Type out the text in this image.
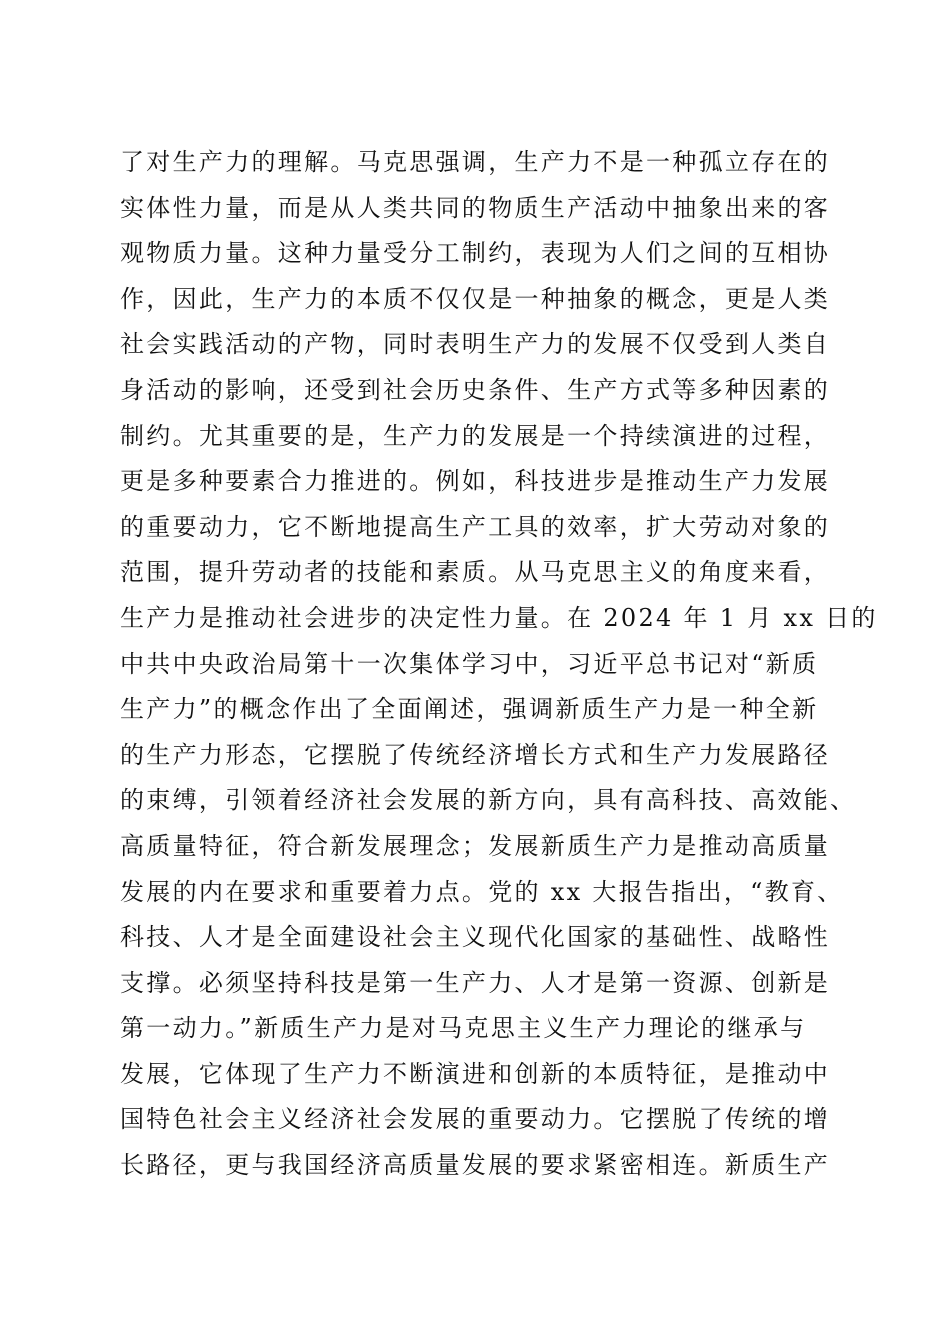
了对生产力的理解。马克思强调，生产力不是一种孤立存在的
实体性力量，而是从人类共同的物质生产活动中抽象出来的客
观物质力量。这种力量受分工制约，表现为人们之间的互相协
作，因此，生产力的本质不仅仅是一种抽象的概念，更是人类
社会实践活动的产物，同时表明生产力的发展不仅受到人类自
身活动的影响，还受到社会历史条件、生产方式等多种因素的
制约。尤其重要的是，生产力的发展是一个持续演进的过程，
更是多种要素合力推进的。例如，科技进步是推动生产力发展
的重要动力，它不断地提高生产工具的效率，扩大劳动对象的
范围，提升劳动者的技能和素质。从马克思主义的角度来看，
生产力是推动社会进步的决定性力量。在 2024 年 1 月 xx 日的
中共中央政治局第十一次集体学习中，习近平总书记对“新质
生产力”的概念作出了全面阐述，强调新质生产力是一种全新
的生产力形态，它摆脱了传统经济增长方式和生产力发展路径
的束缚，引领着经济社会发展的新方向，具有高科技、高效能、
高质量特征，符合新发展理念；发展新质生产力是推动高质量
发展的内在要求和重要着力点。党的 xx 大报告指出，“教育、
科技、人才是全面建设社会主义现代化国家的基础性、战略性
支撑。必须坚持科技是第一生产力、人才是第一资源、创新是
第一动力。”新质生产力是对马克思主义生产力理论的继承与
发展，它体现了生产力不断演进和创新的本质特征，是推动中
国特色社会主义经济社会发展的重要动力。它摆脱了传统的增
长路径，更与我国经济高质量发展的要求紧密相连。新质生产
